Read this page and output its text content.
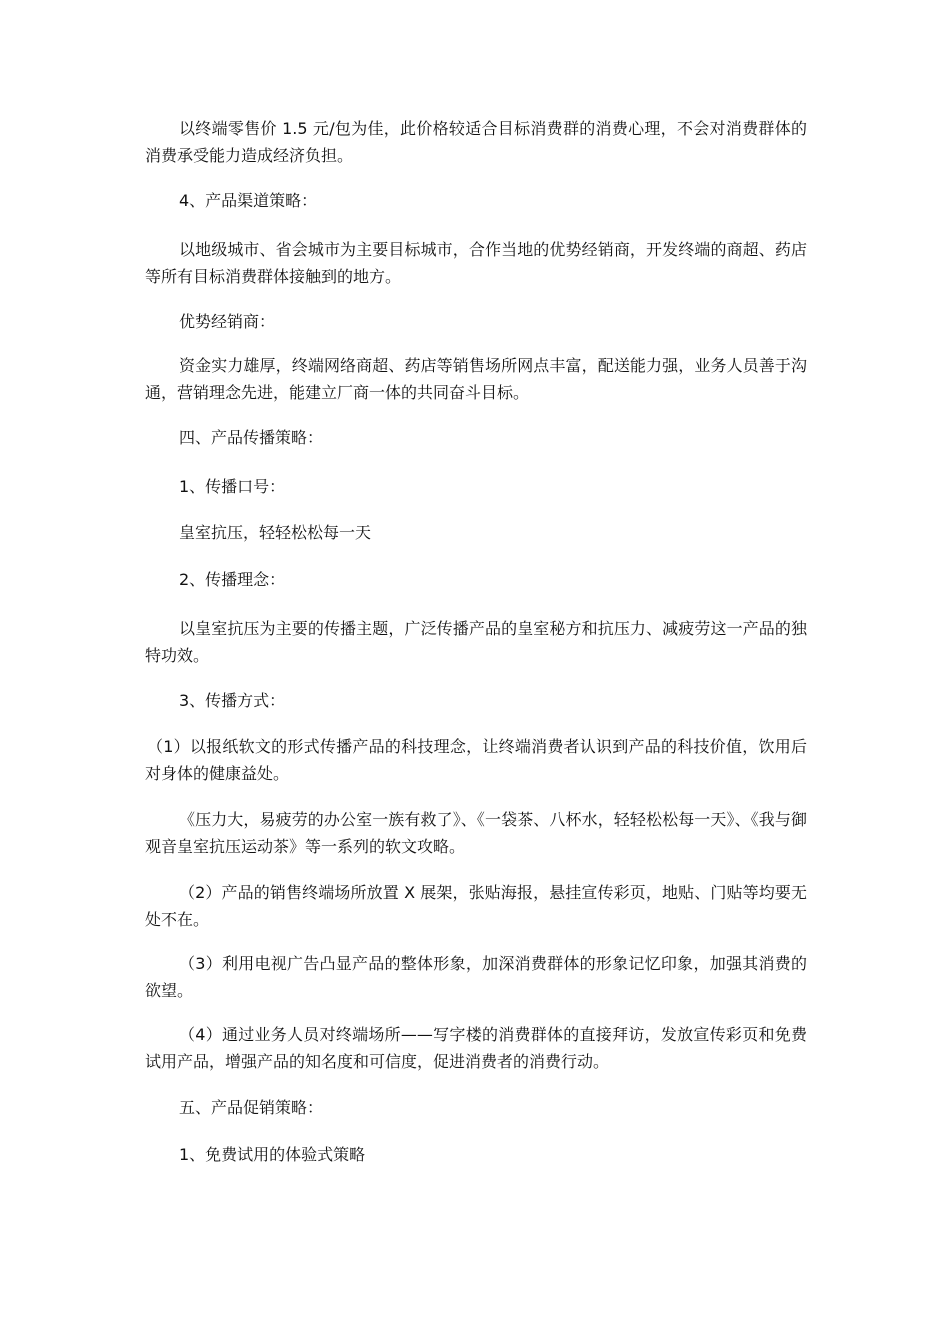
以终端零售价 1.5 元/包为佳，此价格较适合目标消费群的消费心理，不会对消费群体的消费承受能力造成经济负担。

4、产品渠道策略：

以地级城市、省会城市为主要目标城市，合作当地的优势经销商，开发终端的商超、药店等所有目标消费群体接触到的地方。

优势经销商：

资金实力雄厚，终端网络商超、药店等销售场所网点丰富，配送能力强，业务人员善于沟通，营销理念先进，能建立厂商一体的共同奋斗目标。

四、产品传播策略：

1、传播口号：

皇室抗压，轻轻松松每一天

2、传播理念：

以皇室抗压为主要的传播主题，广泛传播产品的皇室秘方和抗压力、减疲劳这一产品的独特功效。

3、传播方式：

（1）以报纸软文的形式传播产品的科技理念，让终端消费者认识到产品的科技价值，饮用后对身体的健康益处。

《压力大，易疲劳的办公室一族有救了》、《一袋茶、八杯水，轻轻松松每一天》、《我与御观音皇室抗压运动茶》等一系列的软文攻略。

（2）产品的销售终端场所放置 X 展架，张贴海报，悬挂宣传彩页，地贴、门贴等均要无处不在。

（3）利用电视广告凸显产品的整体形象，加深消费群体的形象记忆印象，加强其消费的欲望。

（4）通过业务人员对终端场所——写字楼的消费群体的直接拜访，发放宣传彩页和免费试用产品，增强产品的知名度和可信度，促进消费者的消费行动。

五、产品促销策略：

1、免费试用的体验式策略
